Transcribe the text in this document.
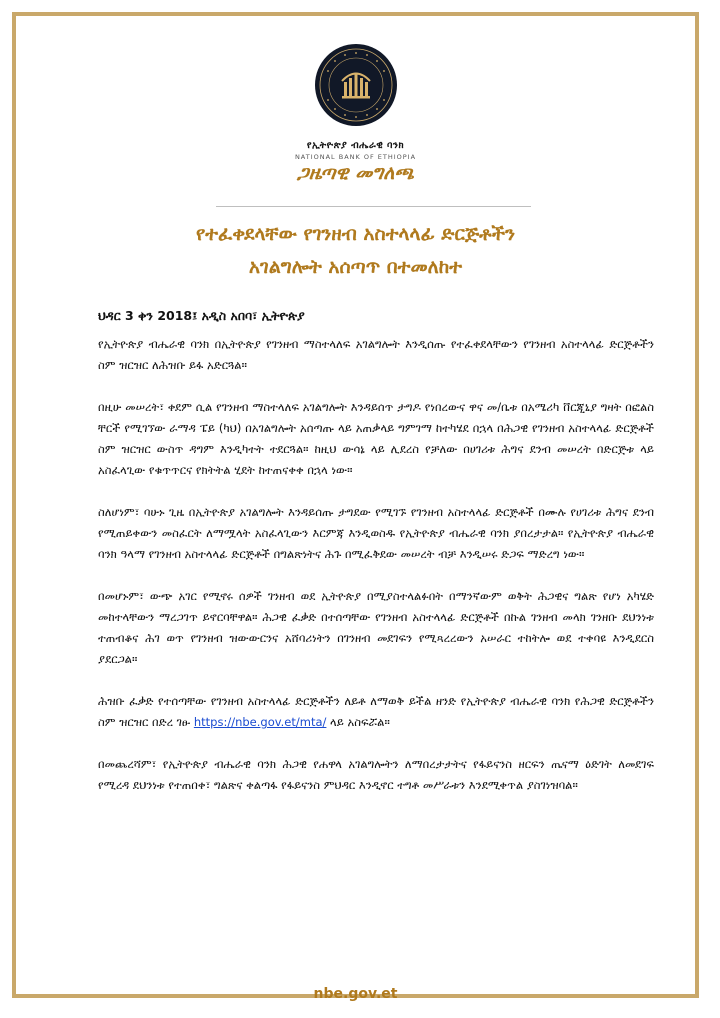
የኢትዮጵያ ብሔራዊ ባንክ
NATIONAL BANK OF ETHIOPIA
ጋዜጣዊ መግለጫ
የተፈቀደላቸው የገንዘብ አስተላላፊ ድርጅቶችን
አገልግሎት አሰጣጥ በተመለከተ
ህዳር 3 ቀን 2018፤ አዲስ አበባ፣ ኢትዮጵያ

የኢትዮጵያ ብሔራዊ ባንክ በኢትዮጵያ የገንዘብ ማስተላለፍ አገልግሎት እንዲሰጡ የተፈቀደላቸውን የገንዘብ አስተላላፊ ድርጅቶችን ስም ዝርዝር ለሕዝቡ ይፋ አድርጓል።

በዚሁ መሠረት፣ ቀደም ሲል የገንዘብ ማስተላለፍ አገልግሎት እንዳይሰጥ ታግዶ የነበረውና ዋና መ/ቤቱ በአሜሪካ ቨርጂኒያ ግዛት በፎልስ ቸርች የሚገኘው ራማዳ ፔይ (ካህ) በአገልግሎት አሰጣጡ ላይ አጠቃላይ ግምገማ ከተካሄደ በኋላ በሕጋዊ የገንዘብ አስተላላፊ ድርጅቶች ስም ዝርዝር ውስጥ ዳግም እንዲካተት ተደርጓል። ከዚህ ውሳኔ ላይ ሊደረስ የቻለው በሀገሪቱ ሕግና ደንብ መሠረት በድርጅቱ ላይ አስፈላጊው የቁጥጥርና የክትትል ሂደት ከተጠናቀቀ በኋላ ነው።

ስለሆነም፣ ባሁኑ ጊዜ በኢትዮጵያ አገልግሎት እንዳይሰጡ ታግደው የሚገኙ የገንዘብ አስተላላፊ ድርጅቶች በሙሉ የሀገሪቱ ሕግና ደንብ የሚጠይቀውን መስፈርት ለማሟላት አስፈላጊውን እርምጃ እንዲወስዱ የኢትዮጵያ ብሔራዊ ባንክ ያበረታታል። የኢትዮጵያ ብሔራዊ ባንክ ዓላማ የገንዘብ አስተላላፊ ድርጅቶች በግልጽነትና ሕጉ በሚፈቅደው መሠረት ብቻ እንዲሠሩ ድጋፍ ማድረግ ነው።

በመሆኑም፣ ውጭ አገር የሚኖሩ ሰዎች ገንዘብ ወደ ኢትዮጵያ በሚያስተላልፉበት በማንኛውም ወቅት ሕጋዊና ግልጽ የሆነ አካሄድ መከተላቸውን ማረጋገጥ ይኖርባቸዋል። ሕጋዊ ፈቃድ በተሰጣቸው የገንዘብ አስተላላፊ ድርጅቶች በኩል ገንዘብ መላክ ገንዘቡ ደህንነቱ ተጠብቆና ሕገ ወጥ የገንዘብ ዝውውርንና አሸባሪነትን በገንዘብ መደገፍን የሚጻረረውን አሠራር ተከትሎ ወደ ተቀባዩ እንዲደርስ ያደርጋል።

ሕዝቡ ፈቃድ የተሰጣቸው የገንዘብ አስተላላፊ ድርጅቶችን ለይቶ ለማወቅ ይችል ዘንድ የኢትዮጵያ ብሔራዊ ባንክ የሕጋዊ ድርጅቶችን ስም ዝርዝር በድረ ገፁ https://nbe.gov.et/mta/ ላይ አስፍሯል።

በመጨረሻም፣ የኢትዮጵያ ብሔራዊ ባንክ ሕጋዊ የሐዋላ አገልግሎትን ለማበረታታትና የፋይናንስ ዘርፍን ጤናማ ዕድገት ለመደገፍ የሚረዳ ደህንነቱ የተጠበቀ፣ ግልጽና ቀልጣፋ የፋይናንስ ምህዳር እንዲኖር ተግቶ መሥራቱን እንደሚቀጥል ያስገነዝባል።

nbe.gov.et
